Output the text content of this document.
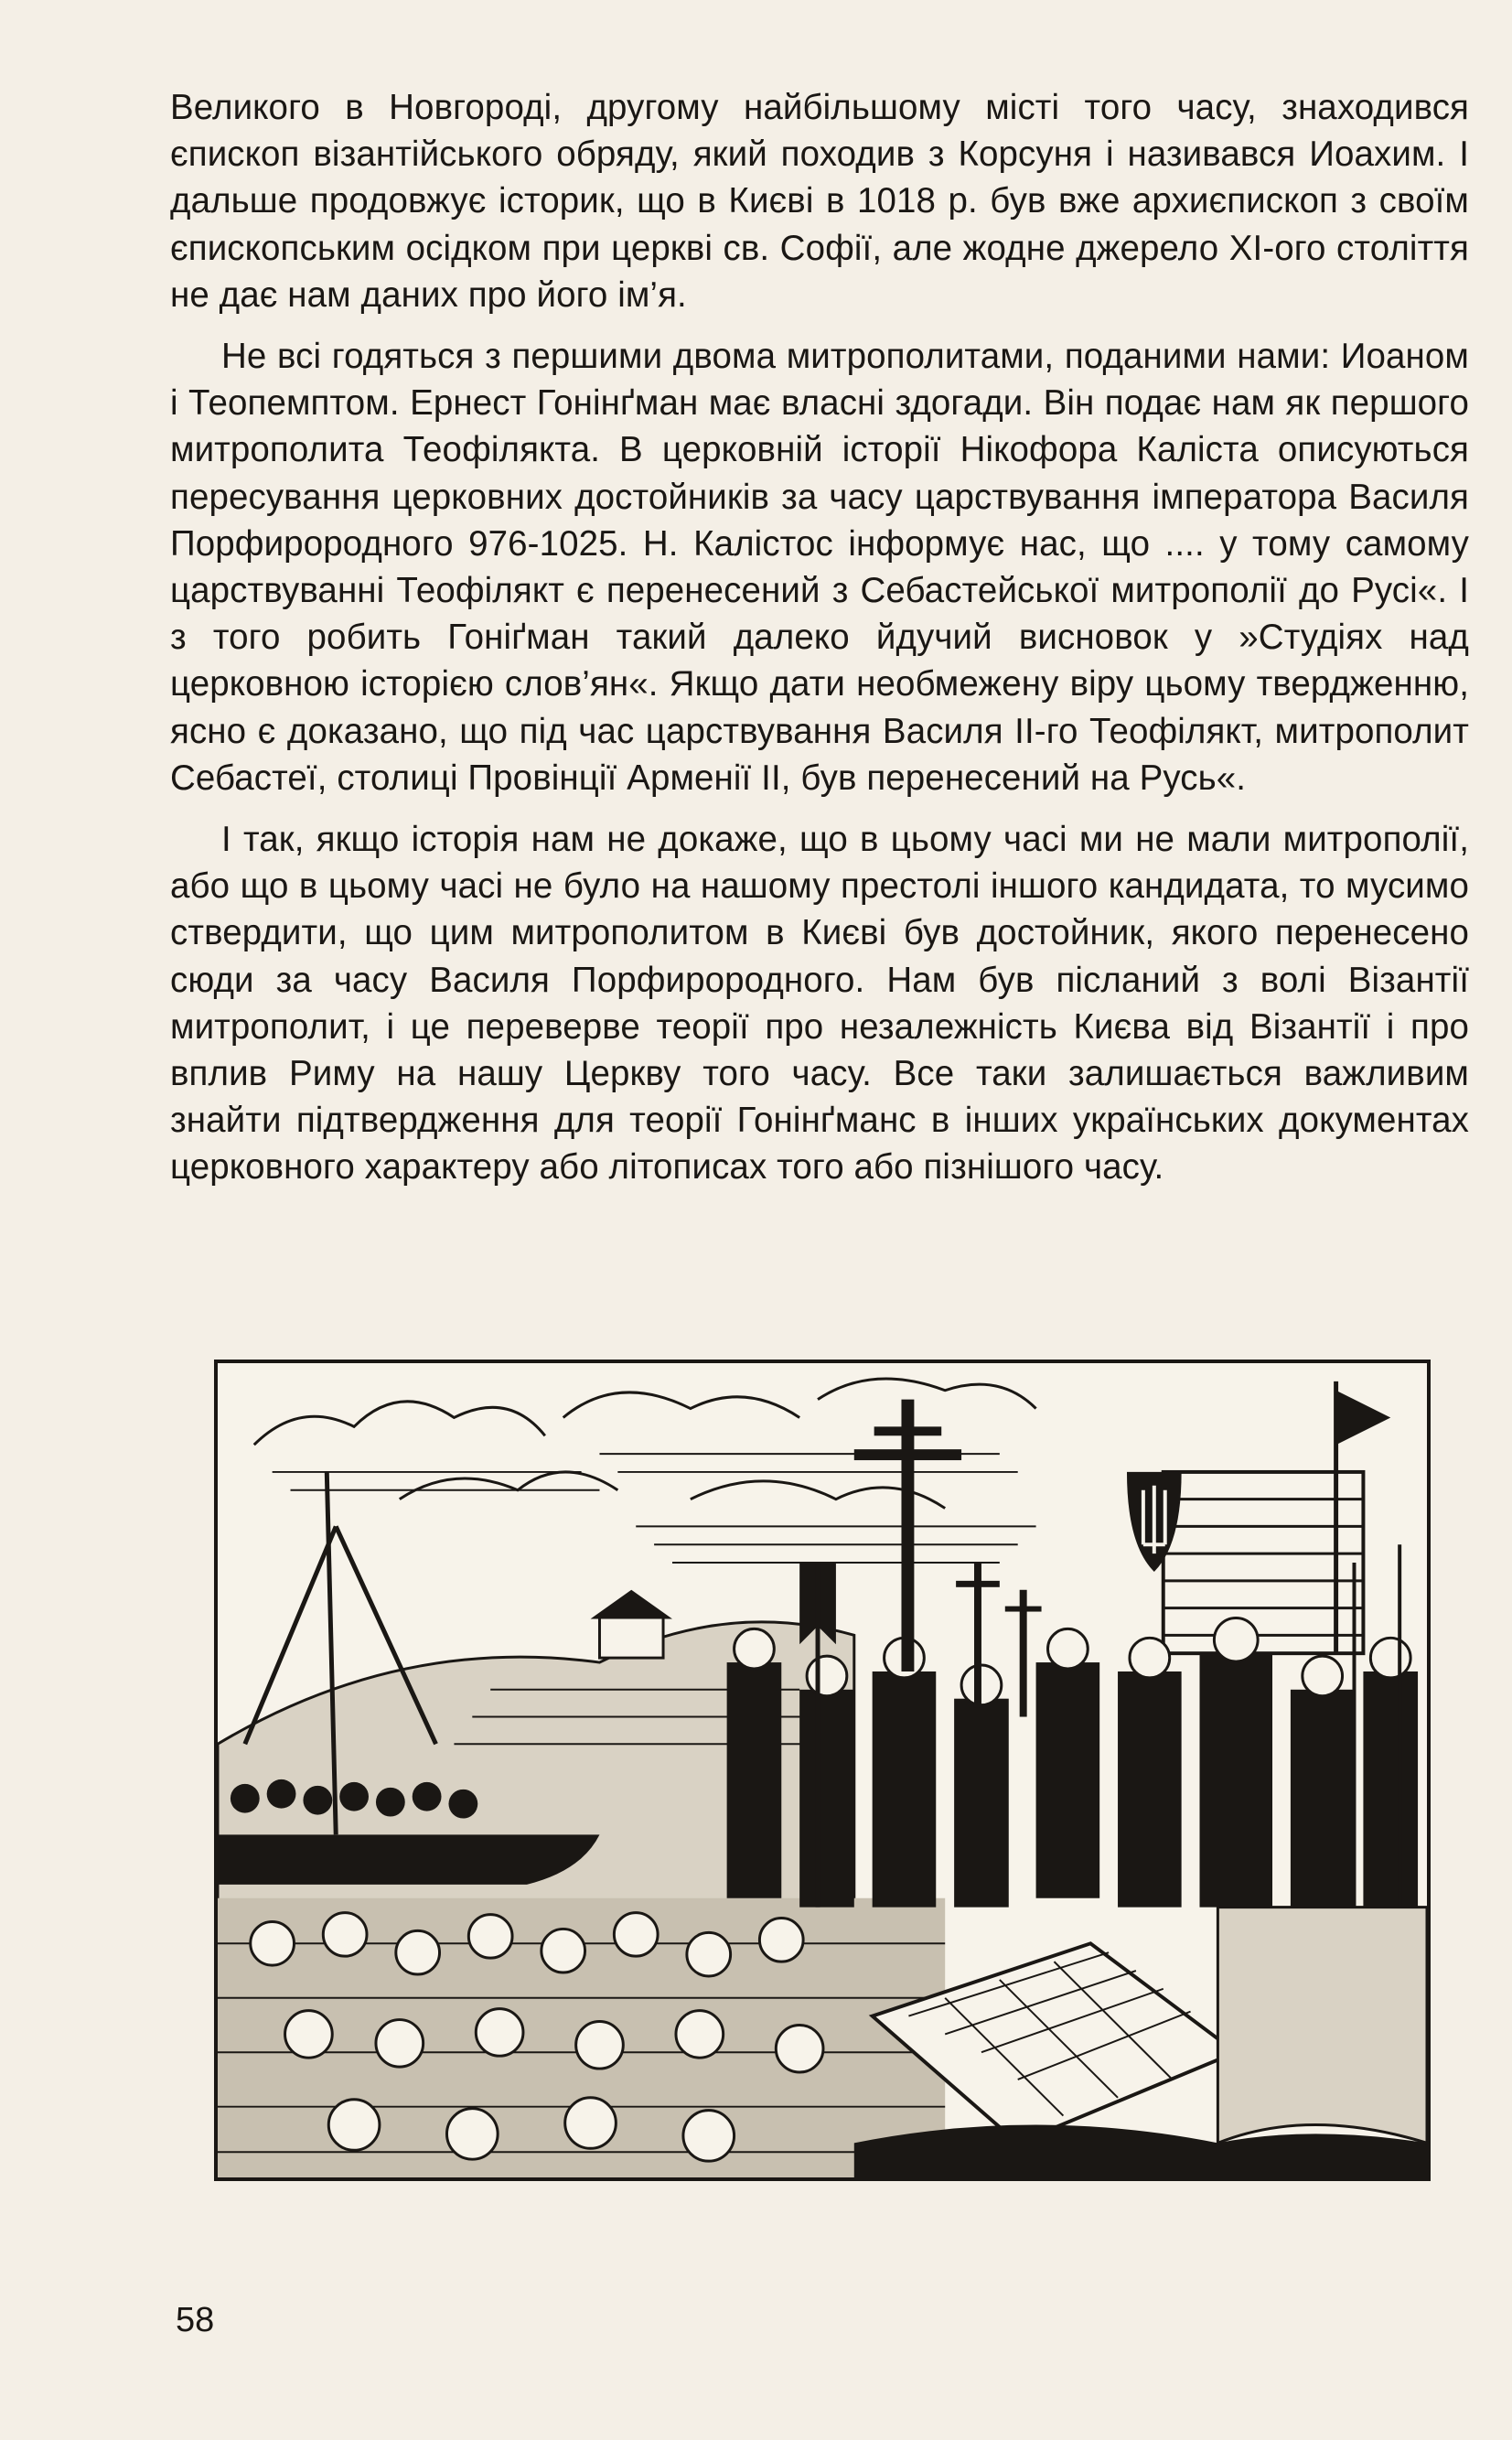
Великого в Новгороді, другому найбільшому місті того часу, знаходився єпископ візантійського обряду, який походив з Корсуня і називався Иоахим. І дальше продовжує історик, що в Києві в 1018 р. був вже архиєпископ з своїм єпископським осідком при церкві св. Софії, але жодне джерело XI-ого століття не дає нам даних про його ім’я.

Не всі годяться з першими двома митрополитами, поданими нами: Иоаном і Теопемптом. Ернест Гонінґман має власні здогади. Він подає нам як першого митрополита Теофілякта. В церковній історії Нікофора Каліста описуються пересування церковних достойників за часу царствування імператора Василя Порфирородного 976-1025. Н. Калістос інформує нас, що .... у тому самому царствуванні Теофілякт є перенесений з Себастейської митрополії до Русі«. І з того робить Гоніґман такий далеко йдучий висновок у »Студіях над церковною історією слов’ян«. Якщо дати необмежену віру цьому твердженню, ясно є доказано, що під час царствування Василя ІІ-го Теофілякт, митрополит Себастеї, столиці Провінції Арменії II, був перенесений на Русь«.

І так, якщо історія нам не докаже, що в цьому часі ми не мали митрополії, або що в цьому часі не було на нашому престолі іншого кандидата, то мусимо ствердити, що цим митрополитом в Києві був достойник, якого перенесено сюди за часу Василя Порфирородного. Нам був післаний з волі Візантії митрополит, і це переверве теорії про незалежність Києва від Візантії і про вплив Риму на нашу Церкву того часу. Все таки залишається важливим знайти підтвердження для теорії Гонінґманс в інших українських документах церковного характеру або літописах того або пізнішого часу.

58
